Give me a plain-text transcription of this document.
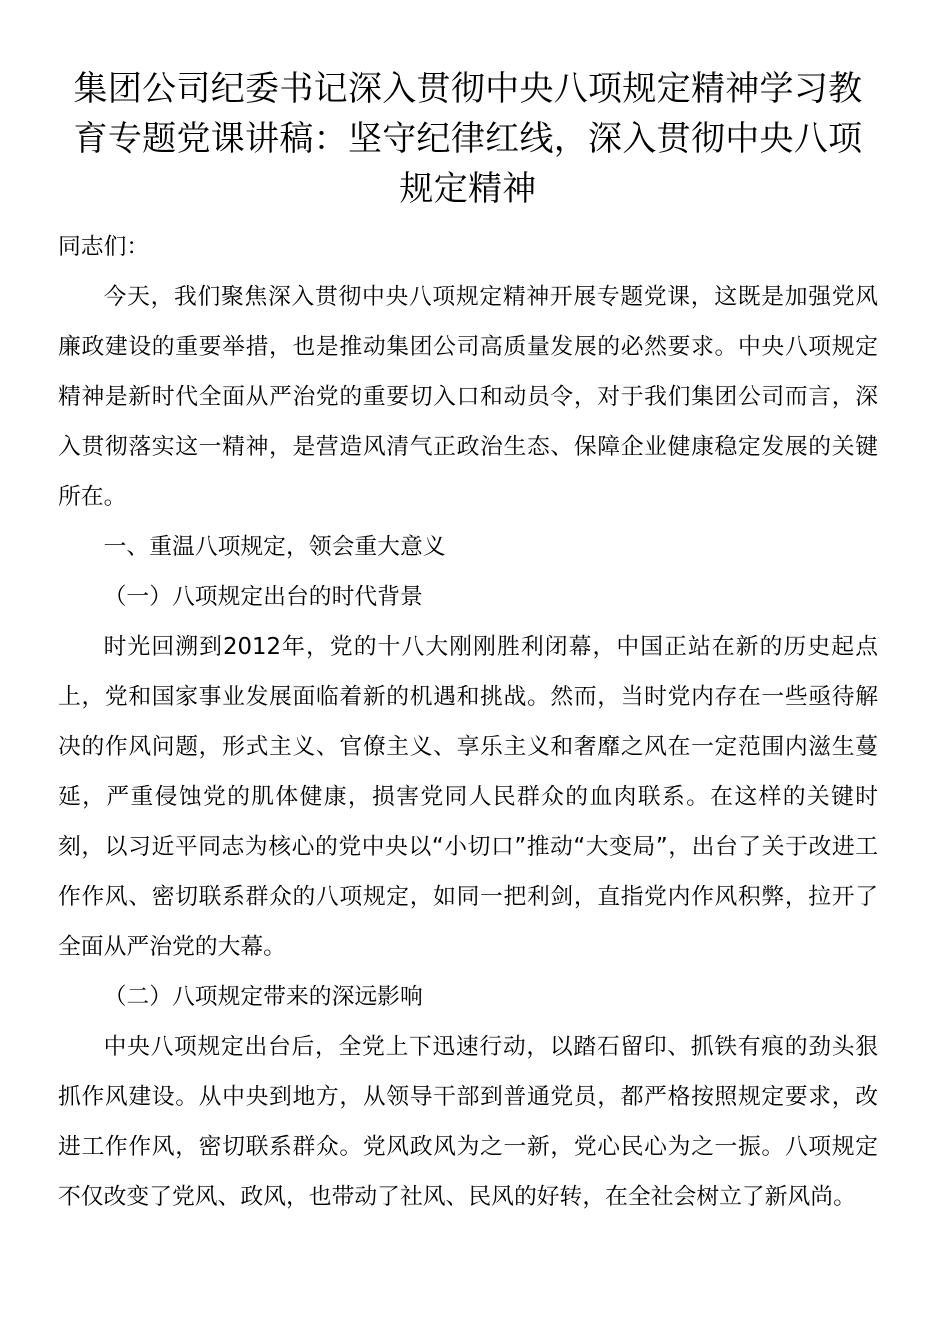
集团公司纪委书记深入贯彻中央八项规定精神学习教育专题党课讲稿：坚守纪律红线，深入贯彻中央八项规定精神

同志们：

今天，我们聚焦深入贯彻中央八项规定精神开展专题党课，这既是加强党风廉政建设的重要举措，也是推动集团公司高质量发展的必然要求。中央八项规定精神是新时代全面从严治党的重要切入口和动员令，对于我们集团公司而言，深入贯彻落实这一精神，是营造风清气正政治生态、保障企业健康稳定发展的关键所在。

一、重温八项规定，领会重大意义

（一）八项规定出台的时代背景

时光回溯到2012年，党的十八大刚刚胜利闭幕，中国正站在新的历史起点上，党和国家事业发展面临着新的机遇和挑战。然而，当时党内存在一些亟待解决的作风问题，形式主义、官僚主义、享乐主义和奢靡之风在一定范围内滋生蔓延，严重侵蚀党的肌体健康，损害党同人民群众的血肉联系。在这样的关键时刻，以习近平同志为核心的党中央以“小切口”推动“大变局”，出台了关于改进工作作风、密切联系群众的八项规定，如同一把利剑，直指党内作风积弊，拉开了全面从严治党的大幕。

（二）八项规定带来的深远影响

中央八项规定出台后，全党上下迅速行动，以踏石留印、抓铁有痕的劲头狠抓作风建设。从中央到地方，从领导干部到普通党员，都严格按照规定要求，改进工作作风，密切联系群众。党风政风为之一新，党心民心为之一振。八项规定不仅改变了党风、政风，也带动了社风、民风的好转，在全社会树立了新风尚。
